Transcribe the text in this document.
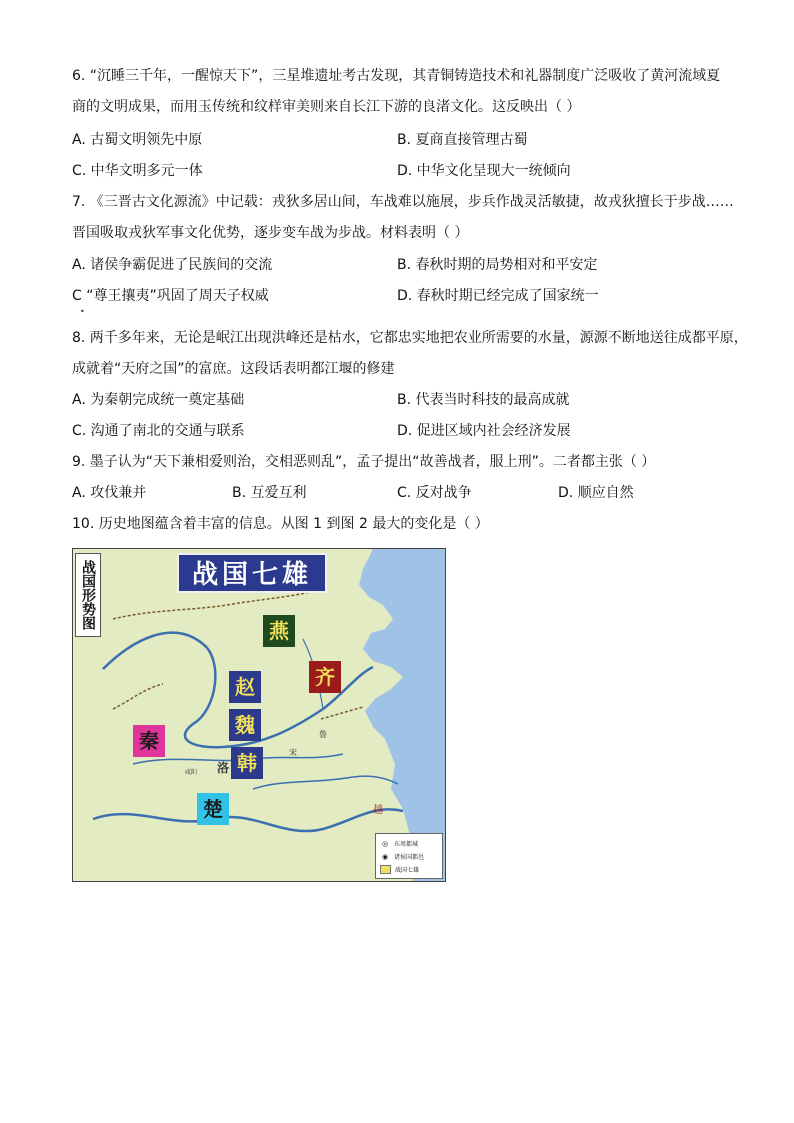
6. “沉睡三千年，一醒惊天下”，三星堆遗址考古发现，其青铜铸造技术和礼器制度广泛吸收了黄河流域夏
商的文明成果，而用玉传统和纹样审美则来自长江下游的良渚文化。这反映出（ ）
A. 古蜀文明领先中原	B. 夏商直接管理古蜀
C. 中华文明多元一体	D. 中华文化呈现大一统倾向
7. 《三晋古文化源流》中记载：戎狄多居山间，车战难以施展，步兵作战灵活敏捷，故戎狄擅长于步战……
晋国吸取戎狄军事文化优势，逐步变车战为步战。材料表明（ ）
A. 诸侯争霸促进了民族间的交流	B. 春秋时期的局势相对和平安定
C “尊王攘夷”巩固了周天子权威	D. 春秋时期已经完成了国家统一
•
8. 两千多年来，无论是岷江出现洪峰还是枯水，它都忠实地把农业所需要的水量，源源不断地送往成都平原，
成就着“天府之国”的富庶。这段话表明都江堰的修建
A. 为秦朝完成统一奠定基础	B. 代表当时科技的最高成就
C. 沟通了南北的交通与联系	D. 促进区域内社会经济发展
9. 墨子认为“天下兼相爱则治，交相恶则乱”，孟子提出“故善战者，服上刑”。二者都主张（ ）
A. 攻伐兼并	B. 互爱互利	C. 反对战争	D. 顺应自然
10. 历史地图蕴含着丰富的信息。从图 1 到图 2 最大的变化是（ ）
战国七雄
战国形势图
燕
齐
赵
魏
韩
秦
楚
洛
鲁
宋
越
咸阳
◎ 东周都城
◉ 诸侯国都邑
战国七雄
